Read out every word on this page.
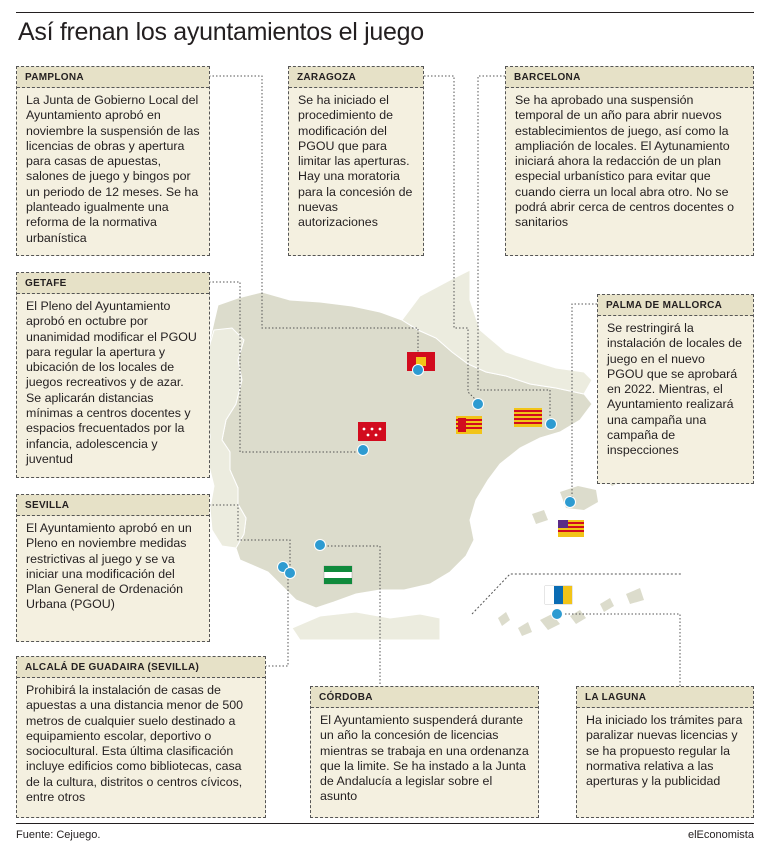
Así frenan los ayuntamientos el juego
PAMPLONA
La Junta de Gobierno Local del Ayuntamiento aprobó en noviembre la suspensión de las licencias de obras y apertura para casas de apuestas, salones de juego y bingos por un periodo de 12 meses. Se ha planteado igualmente una reforma de la normativa urbanística
ZARAGOZA
Se ha iniciado el procedimiento de modificación del PGOU que para limitar las aperturas. Hay una moratoria para la concesión de nuevas autorizaciones
BARCELONA
Se ha aprobado una suspensión temporal de un año para abrir nuevos establecimientos de juego, así como la ampliación de locales. El Aytunamiento iniciará ahora la redacción de un plan especial urbanístico para evitar que cuando cierra un local abra otro. No se podrá abrir cerca de centros docentes o sanitarios
GETAFE
El Pleno del Ayuntamiento aprobó en octubre por unanimidad modificar el PGOU para regular la apertura y ubicación de los locales de juegos recreativos y de azar. Se aplicarán distancias mínimas a centros docentes y espacios frecuentados por la infancia, adolescencia y juventud
PALMA DE MALLORCA
Se restringirá la instalación de locales de juego en el nuevo PGOU que se aprobará en 2022. Mientras, el Ayuntamiento realizará una campaña una campaña de inspecciones
SEVILLA
El Ayuntamiento aprobó en un Pleno en noviembre medidas restrictivas al juego y se va iniciar una modificación del Plan General de Ordenación Urbana (PGOU)
ALCALÁ DE GUADAIRA (SEVILLA)
Prohibirá la instalación de casas de apuestas a una distancia menor de 500 metros de cualquier suelo destinado a equipamiento escolar, deportivo o sociocultural. Esta última clasificación incluye edificios como bibliotecas, casa de la cultura, distritos o centros cívicos, entre otros
CÓRDOBA
El Ayuntamiento suspenderá durante un año la concesión de licencias mientras se trabaja en una ordenanza que la limite. Se ha instado a la Junta de Andalucía a legislar sobre el asunto
LA LAGUNA
Ha iniciado los trámites para paralizar nuevas licencias y se ha propuesto regular la normativa relativa a las aperturas y la publicidad
Fuente: Cejuego.	elEconomista
